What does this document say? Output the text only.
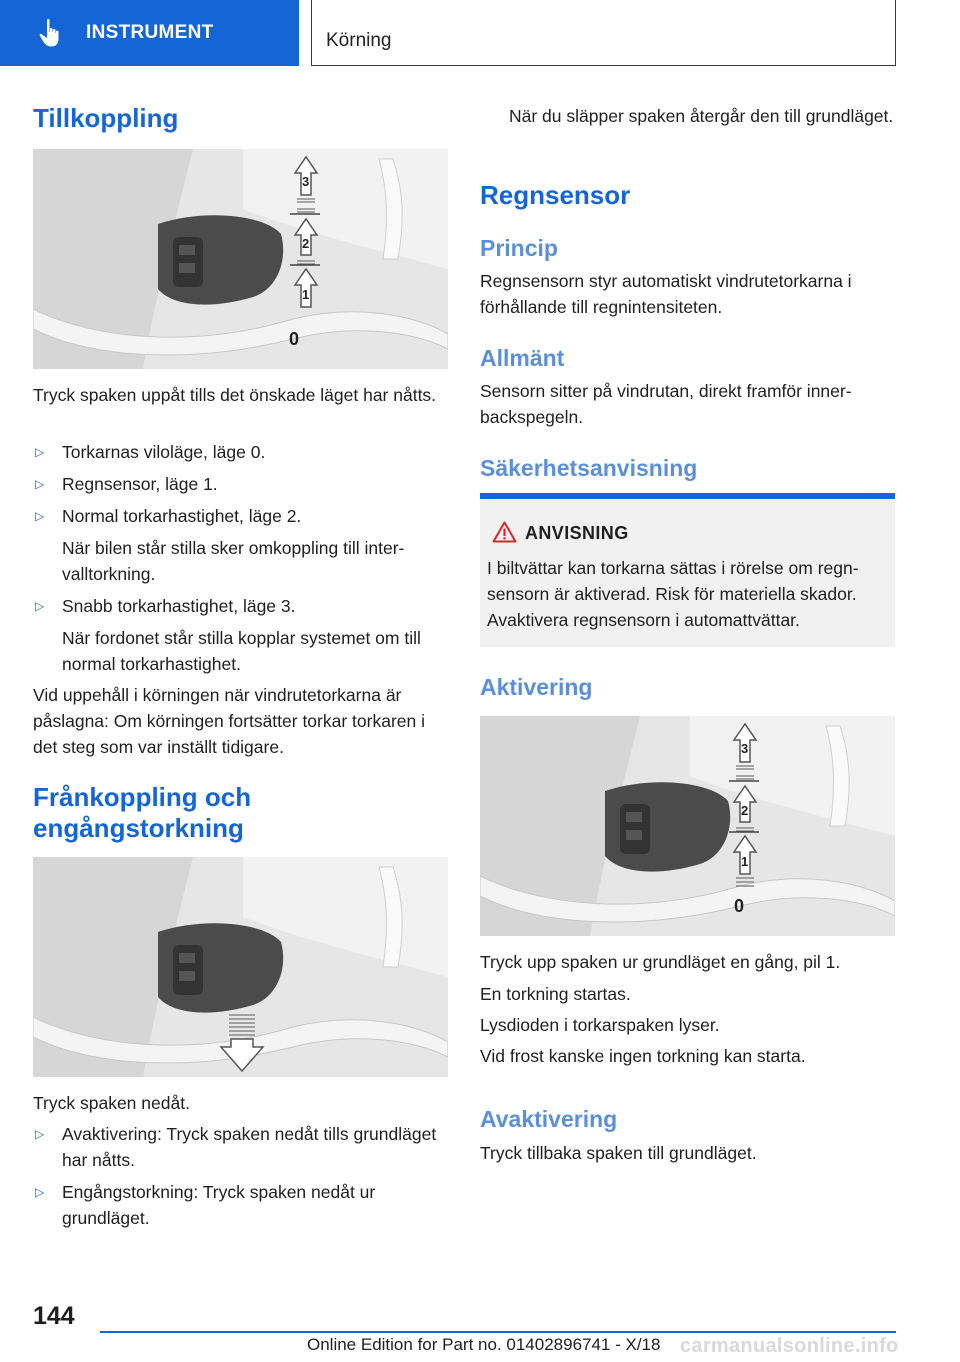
INSTRUMENT	Körning
Tillkoppling
0
1
2
3

Tryck spaken uppåt tills det önskade läget har nåtts.

▷ Torkarnas viloläge, läge 0.
▷ Regnsensor, läge 1.
▷ Normal torkarhastighet, läge 2.
När bilen står stilla sker omkoppling till intervalltorkning.
▷ Snabb torkarhastighet, läge 3.
När fordonet står stilla kopplar systemet om till normal torkarhastighet.

Vid uppehåll i körningen när vindrutetorkarna är påslagna: Om körningen fortsätter torkar torkaren i det steg som var inställt tidigare.

Frånkoppling och engångstorkning

Tryck spaken nedåt.

▷ Avaktivering: Tryck spaken nedåt tills grundläget har nåtts.
▷ Engångstorkning: Tryck spaken nedåt ur grundläget.

När du släpper spaken återgår den till grundläget.

Regnsensor
Princip

Regnsensorn styr automatiskt vindrutetorkarna i förhållande till regnintensiteten.

Allmänt

Sensorn sitter på vindrutan, direkt framför innerbackspegeln.

Säkerhetsanvisning
ANVISNING

I biltvättar kan torkarna sättas i rörelse om regnsensorn är aktiverad. Risk för materiella skador. Avaktivera regnsensorn i automattvättar.

Aktivering
0
1
2
3

Tryck upp spaken ur grundläget en gång, pil 1.

En torkning startas.

Lysdioden i torkarspaken lyser.

Vid frost kanske ingen torkning kan starta.

Avaktivering

Tryck tillbaka spaken till grundläget.

144
Online Edition for Part no. 01402896741 - X/18 carmanualsonline.info
